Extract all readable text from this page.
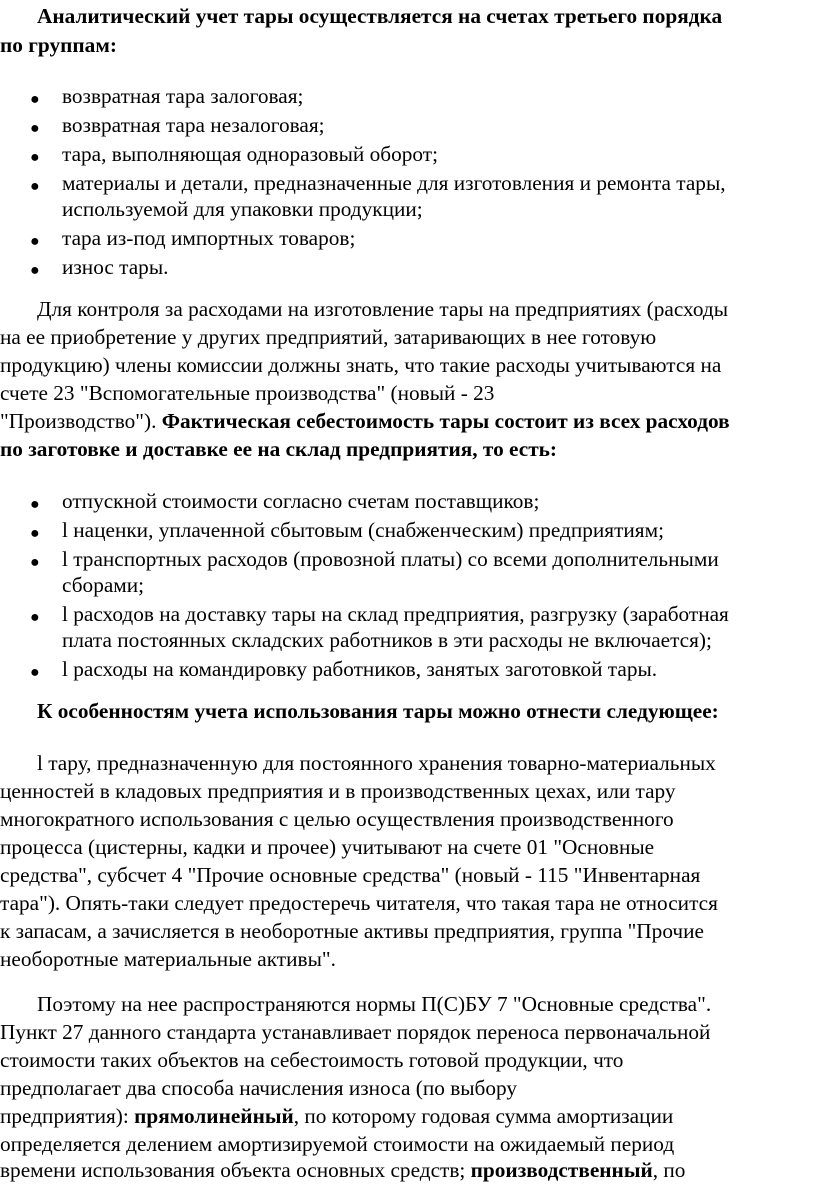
Аналитический учет тары осуществляется на счетах третьего порядка
по группам:
● возвратная тара залоговая;
● возвратная тара незалоговая;
● тара, выполняющая одноразовый оборот;
● материалы и детали, предназначенные для изготовления и ремонта тары,
используемой для упаковки продукции;
● тара из-под импортных товаров;
● износ тары.
Для контроля за расходами на изготовление тары на предприятиях (расходы
на ее приобретение у других предприятий, затаривающих в нее готовую
продукцию) члены комиссии должны знать, что такие расходы учитываются на
счете 23 "Вспомогательные производства" (новый - 23
"Производство"). Фактическая себестоимость тары состоит из всех расходов
по заготовке и доставке ее на склад предприятия, то есть:
● отпускной стоимости согласно счетам поставщиков;
● l наценки, уплаченной сбытовым (снабженческим) предприятиям;
● l транспортных расходов (провозной платы) со всеми дополнительными
сборами;
● l расходов на доставку тары на склад предприятия, разгрузку (заработная
плата постоянных складских работников в эти расходы не включается);
● l расходы на командировку работников, занятых заготовкой тары.
К особенностям учета использования тары можно отнести следующее:
l тару, предназначенную для постоянного хранения товарно-материальных
ценностей в кладовых предприятия и в производственных цехах, или тару
многократного использования с целью осуществления производственного
процесса (цистерны, кадки и прочее) учитывают на счете 01 "Основные
средства", субсчет 4 "Прочие основные средства" (новый - 115 "Инвентарная
тара"). Опять-таки следует предостеречь читателя, что такая тара не относится
к запасам, а зачисляется в необоротные активы предприятия, группа "Прочие
необоротные материальные активы".
Поэтому на нее распространяются нормы П(С)БУ 7 "Основные средства".
Пункт 27 данного стандарта устанавливает порядок переноса первоначальной
стоимости таких объектов на себестоимость готовой продукции, что
предполагает два способа начисления износа (по выбору
предприятия): прямолинейный, по которому годовая сумма амортизации
определяется делением амортизируемой стоимости на ожидаемый период
времени использования объекта основных средств; производственный, по
